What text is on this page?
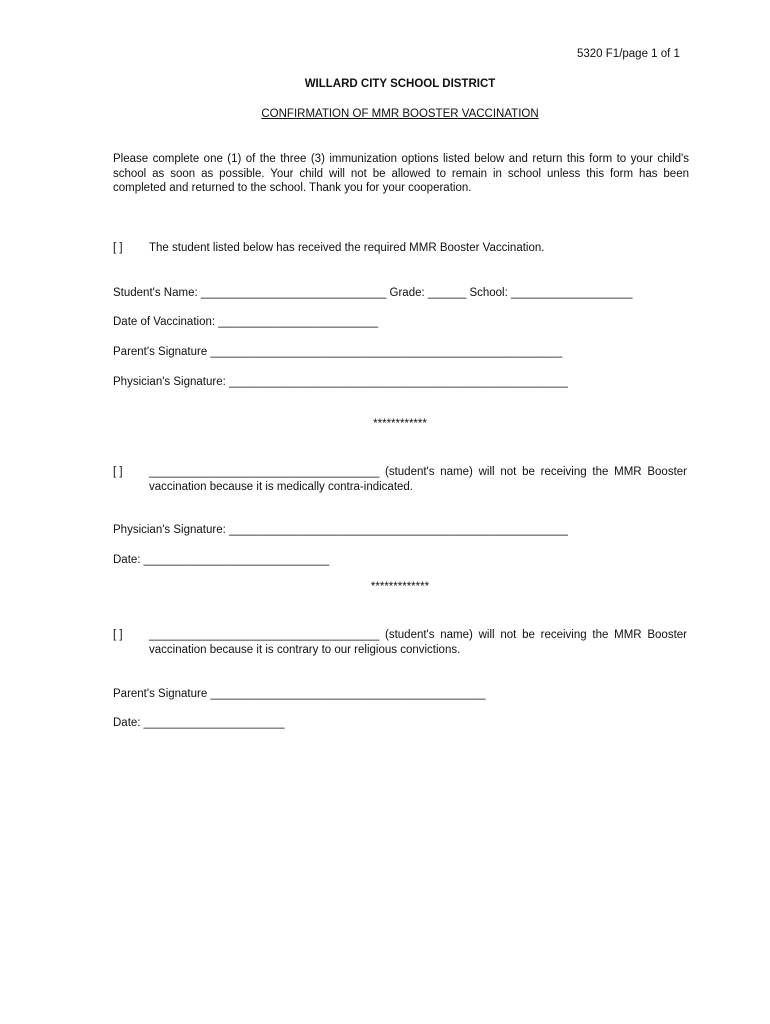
5320 F1/page 1 of 1
WILLARD CITY SCHOOL DISTRICT
CONFIRMATION OF MMR BOOSTER VACCINATION
Please complete one (1) of the three (3) immunization options listed below and return this form to your child's school as soon as possible. Your child will not be allowed to remain in school unless this form has been completed and returned to the school. Thank you for your cooperation.
[ ] The student listed below has received the required MMR Booster Vaccination.
Student's Name: _____________________________ Grade: ______ School: ___________________
Date of Vaccination: _________________________
Parent's Signature _______________________________________________________
Physician's Signature: _____________________________________________________
************
[ ] ____________________________________ (student's name) will not be receiving the MMR Booster vaccination because it is medically contra-indicated.
Physician's Signature: _____________________________________________________
Date: _____________________________
*************
[ ] ____________________________________ (student's name) will not be receiving the MMR Booster vaccination because it is contrary to our religious convictions.
Parent's Signature ___________________________________________
Date: ______________________
